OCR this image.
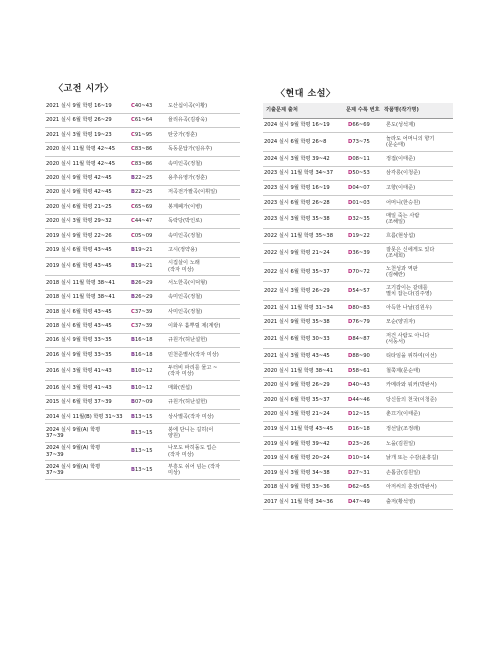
〈고전 시가〉
2021 실시 9월 학평 16~19	C40~43	도산십이곡(이황)
2021 실시 6월 학평 26~29	C61~64	율리유곡(김광욱)
2021 실시 3월 학평 19~23	C91~95	탄궁가(정훈)
2020 실시 11월 학평 42~45	C83~86	독동문답가(임유후)
2020 실시 11월 학평 42~45	C83~86	속미인곡(정철)
2020 실시 9월 학평 42~45	B22~25	용추유영가(정훈)
2020 실시 9월 학평 42~45	B22~25	저곡전가팔곡(이휘일)
2020 실시 6월 학평 21~25	C65~69	봉계폐가(이병)
2020 실시 3월 학평 29~32	C44~47	독락당(박인로)
2019 실시 9월 학평 22~26	C05~09	속미인곡(정철)
2019 실시 6월 학평 43~45	B19~21	고시(정약용)
2019 실시 6월 학평 43~45	B19~21	시집살이 노래
(작자 미상)
2018 실시 11월 학평 38~41	B26~29	서노한곡(이덕형)
2018 실시 11월 학평 38~41	B26~29	속미인곡(정철)
2018 실시 6월 학평 43~45	C37~39	사미인곡(정철)
2018 실시 6월 학평 43~45	C37~39	이화우 흩뿌릴 제(계랑)
2016 실시 9월 학평 33~35	B16~18	규원가(허난설헌)
2016 실시 9월 학평 33~35	B16~18	민천준별사(작자 미상)
2016 실시 3월 학평 41~43	B10~12	두터비 파리를 물고 ~
(작자 미상)
2016 실시 3월 학평 41~43	B10~12	매화(권섭)
2015 실시 6월 학평 37~39	B07~09	규원가(허난설헌)
2014 실시 11월(B) 학평 31~33	B13~15	상사별곡(작자 미상)
2024 실시 9월(A) 학평
37~39	B13~15	붕에 단니는 길히(이
양원)
2024 실시 9월(A) 학평
37~39	B13~15	나모도 바히돌도 업슨
(작자 미상)
2024 실시 9월(A) 학평
37~39	B13~15	부흥도 쉬어 넘는 (작자
미상)
〈현대 소설〉
기출문제 출처	문제 수록 번호	작품명(작가명)
2024 실시 9월 학평 16~19	D66~69	론도(성석제)
2024 실시 6월 학평 26~8	D73~75	놀라도 어머니의 향기
(문순태)
2024 실시 3월 학평 39~42	D08~11	정접(이태준)
2023 실시 11월 학평 34~37	D50~53	삼각릉(이청준)
2023 실시 9월 학평 16~19	D04~07	고향(이태준)
2023 실시 6월 학평 26~28	D01~03	어머니(한승원)
2023 실시 3월 학평 35~38	D32~35	매일 죽는 사람
(조해일)
2022 실시 11월 학평 35~38	D19~22	흐름(현상섭)
2022 실시 9월 학평 21~24	D36~39	잘못은 신에게도 있다
(조세희)
2022 실시 6월 학평 35~37	D70~72	노천성과 역판
(김혜란)
2022 실시 3월 학평 26~29	D54~57	고기잡이는 같데를
멸치 잡는다(김주영)
2021 실시 11월 학평 31~34	D80~83	아득한 나날(김원우)
2021 실시 9월 학평 35~38	D76~79	모순(양귀자)
2021 실시 6월 학평 30~33	D84~87	저건 사람도 아니다
(서동서)
2021 실시 3월 학평 43~45	D88~90	티타임을 위하여(이선)
2020 실시 11월 학평 38~41	D58~61	철쭉제(문순태)
2020 실시 9월 학평 26~29	D40~43	카메라와 워커(박완서)
2020 실시 6월 학평 35~37	D44~46	당신들의 천국(이청준)
2020 실시 3월 학평 21~24	D12~15	춘끄기(이태준)
2019 실시 11월 학평 43~45	D16~18	정선달(조정래)
2019 실시 9월 학평 39~42	D23~26	노을(김원일)
2019 실시 6월 학평 20~24	D10~14	낡개 또는 수감(윤흥길)
2019 실시 3월 학평 34~38	D27~31	손톱금(김원일)
2018 실시 9월 학평 33~36	D62~65	아저씨의 훈장(박완서)
2017 실시 11월 학평 34~36	D47~49	출저(황석영)
